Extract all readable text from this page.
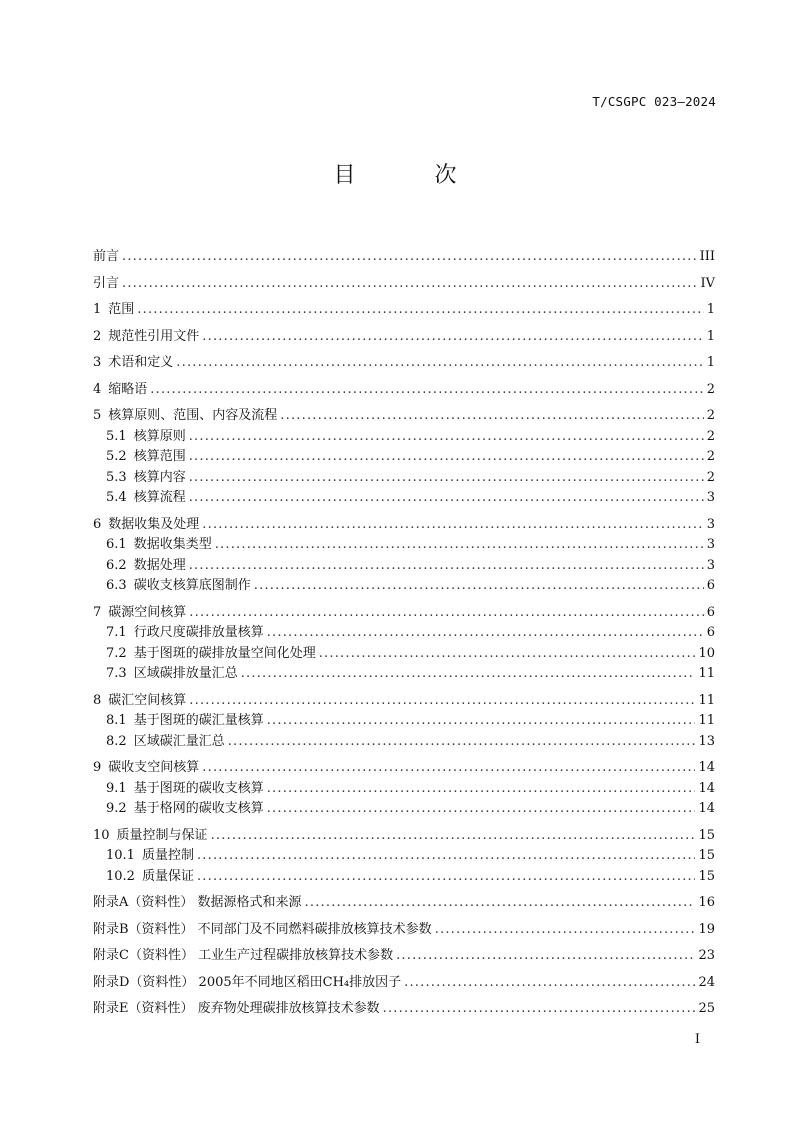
T/CSGPC 023—2024
目 次
前言 .....	III
引言 .....	IV
1 范围 .....	1
2 规范性引用文件 .....	1
3 术语和定义 .....	1
4 缩略语 .....	2
5 核算原则、范围、内容及流程 .....	2
5.1 核算原则 .....	2
5.2 核算范围 .....	2
5.3 核算内容 .....	2
5.4 核算流程 .....	3
6 数据收集及处理 .....	3
6.1 数据收集类型 .....	3
6.2 数据处理 .....	3
6.3 碳收支核算底图制作 .....	6
7 碳源空间核算 .....	6
7.1 行政尺度碳排放量核算 .....	6
7.2 基于图斑的碳排放量空间化处理 .....	10
7.3 区域碳排放量汇总 .....	11
8 碳汇空间核算 .....	11
8.1 基于图斑的碳汇量核算 .....	11
8.2 区域碳汇量汇总 .....	13
9 碳收支空间核算 .....	14
9.1 基于图斑的碳收支核算 .....	14
9.2 基于格网的碳收支核算 .....	14
10 质量控制与保证 .....	15
10.1 质量控制 .....	15
10.2 质量保证 .....	15
附录A（资料性） 数据源格式和来源 .....	16
附录B（资料性） 不同部门及不同燃料碳排放核算技术参数 .....	19
附录C（资料性） 工业生产过程碳排放核算技术参数 .....	23
附录D（资料性） 2005年不同地区稻田CH₄排放因子 .....	24
附录E（资料性） 废弃物处理碳排放核算技术参数 .....	25
I
